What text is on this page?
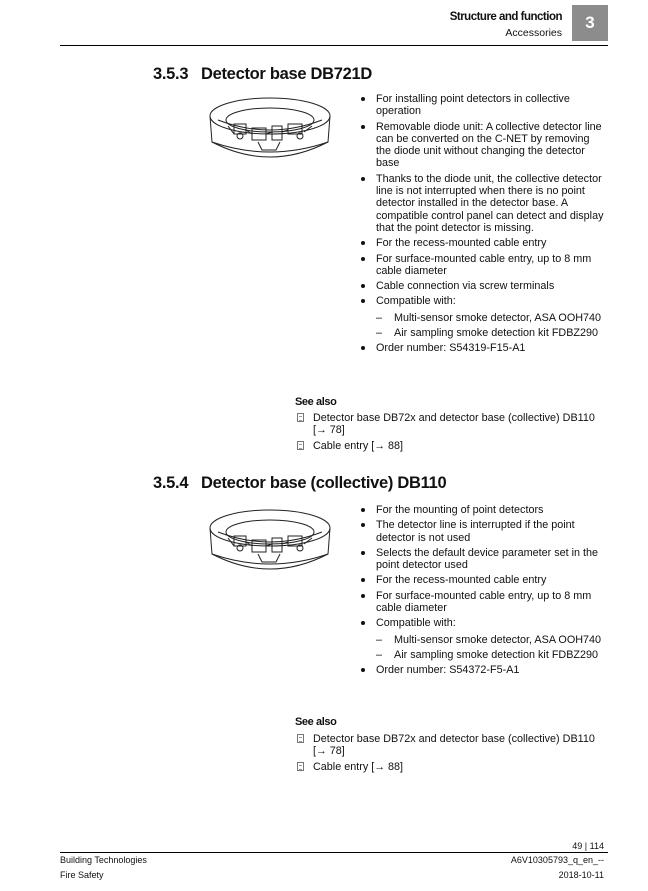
Structure and function
Accessories
3
3.5.3 Detector base DB721D
For installing point detectors in collective operation
Removable diode unit: A collective detector line can be converted on the C-NET by removing the diode unit without changing the detector base
Thanks to the diode unit, the collective detector line is not interrupted when there is no point detector installed in the detector base. A compatible control panel can detect and display that the point detector is missing.
For the recess-mounted cable entry
For surface-mounted cable entry, up to 8 mm cable diameter
Cable connection via screw terminals
Compatible with:
– Multi-sensor smoke detector, ASA OOH740
– Air sampling smoke detection kit FDBZ290
Order number: S54319-F15-A1
See also
Detector base DB72x and detector base (collective) DB110 [→ 78]
Cable entry [→ 88]
3.5.4 Detector base (collective) DB110
For the mounting of point detectors
The detector line is interrupted if the point detector is not used
Selects the default device parameter set in the point detector used
For the recess-mounted cable entry
For surface-mounted cable entry, up to 8 mm cable diameter
Compatible with:
– Multi-sensor smoke detector, ASA OOH740
– Air sampling smoke detection kit FDBZ290
Order number: S54372-F5-A1
See also
Detector base DB72x and detector base (collective) DB110 [→ 78]
Cable entry [→ 88]
49 | 114
Building Technologies
Fire Safety
A6V10305793_q_en_--
2018-10-11
